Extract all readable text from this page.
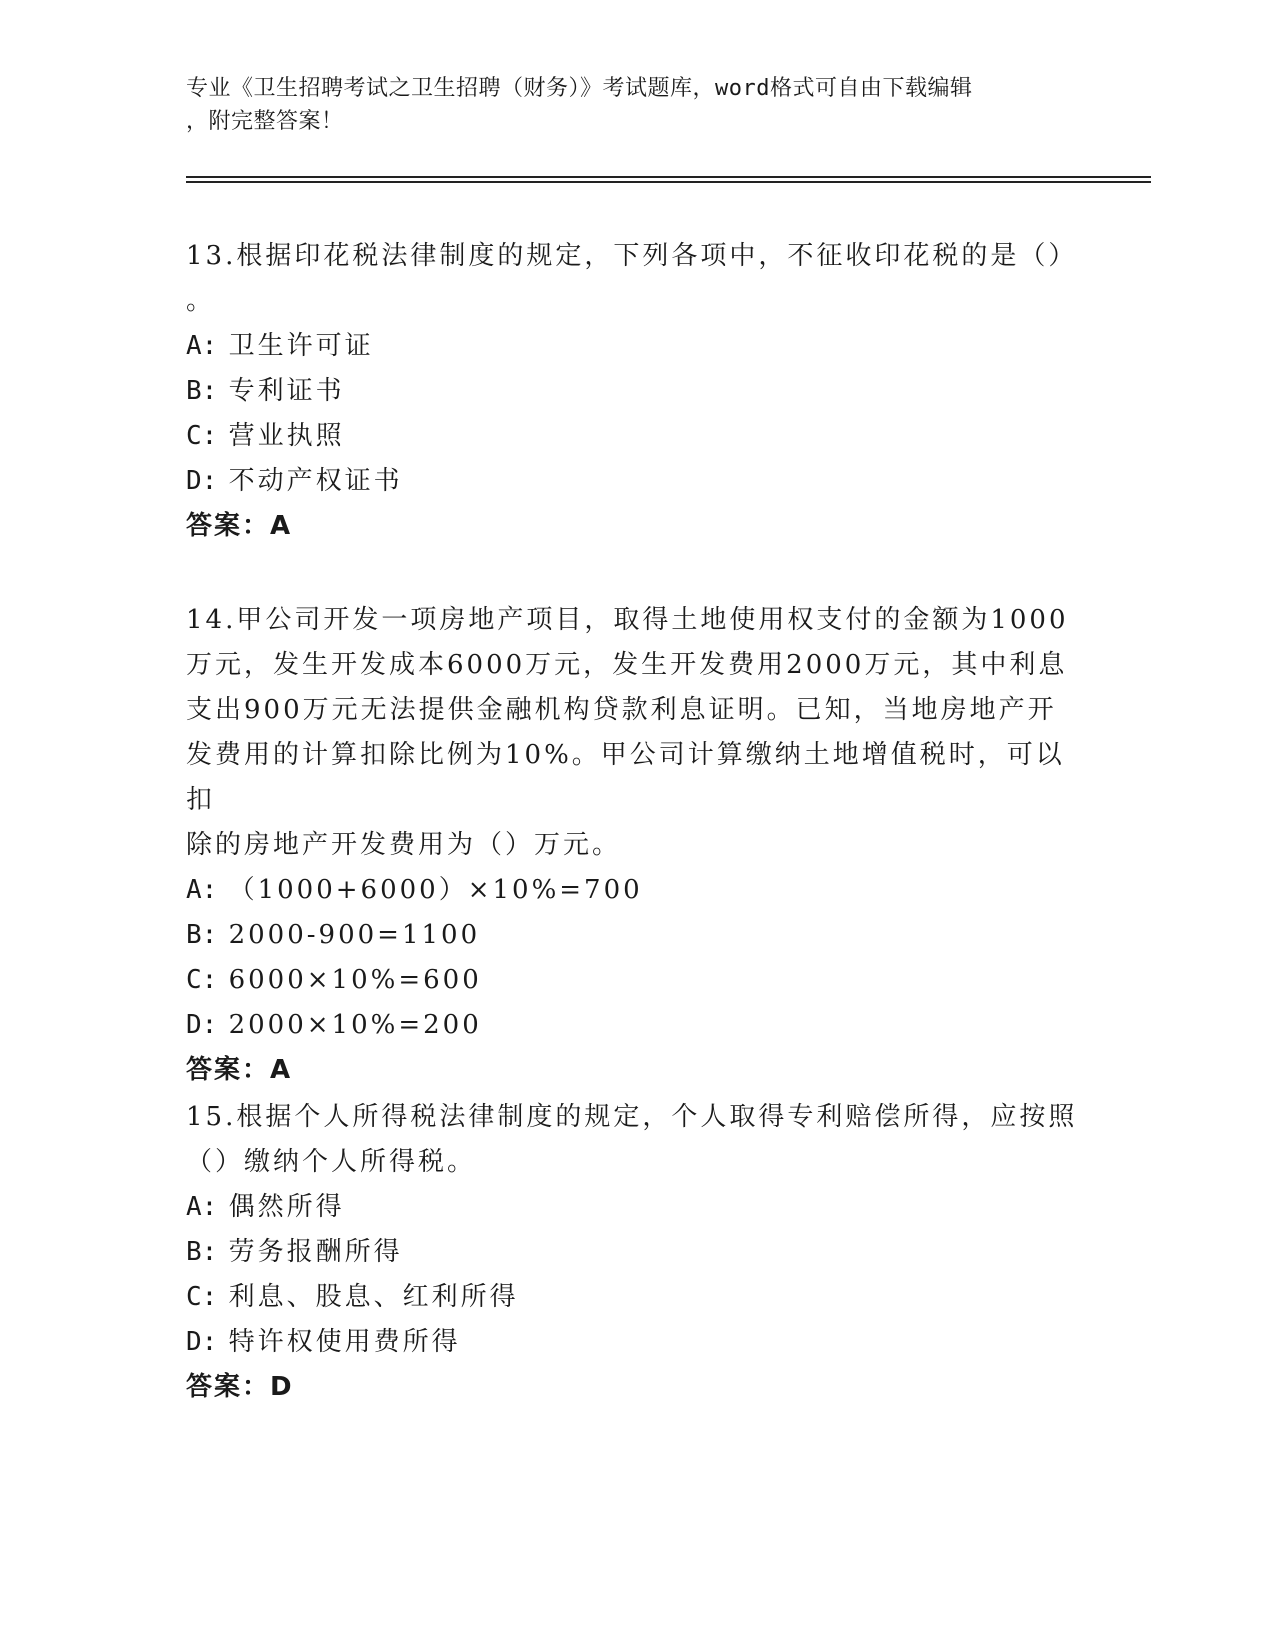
专业《卫生招聘考试之卫生招聘（财务）》考试题库，word格式可自由下载编辑
，附完整答案！

13.根据印花税法律制度的规定，下列各项中，不征收印花税的是（）

。

A: 卫生许可证

B: 专利证书

C: 营业执照

D: 不动产权证书

答案：A

14.甲公司开发一项房地产项目，取得土地使用权支付的金额为1000

万元，发生开发成本6000万元，发生开发费用2000万元，其中利息

支出900万元无法提供金融机构贷款利息证明。已知，当地房地产开

发费用的计算扣除比例为10%。甲公司计算缴纳土地增值税时，可以扣

除的房地产开发费用为（）万元。

A: （1000+6000）×10%=700

B: 2000-900=1100

C: 6000×10%=600

D: 2000×10%=200

答案：A

15.根据个人所得税法律制度的规定，个人取得专利赔偿所得，应按照

（）缴纳个人所得税。

A: 偶然所得

B: 劳务报酬所得

C: 利息、股息、红利所得

D: 特许权使用费所得

答案：D
